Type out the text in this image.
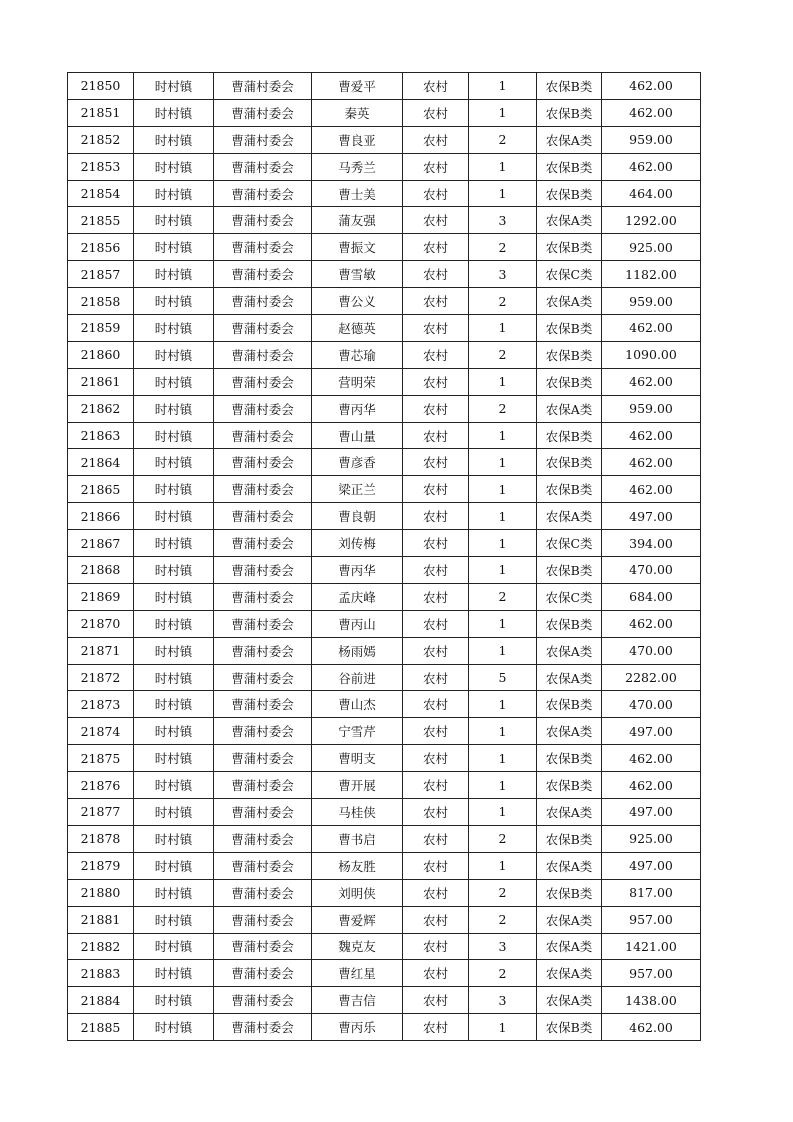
21850	时村镇	曹蒲村委会	曹爱平	农村	1	农保B类	462.00
21851	时村镇	曹蒲村委会	秦英	农村	1	农保B类	462.00
21852	时村镇	曹蒲村委会	曹良亚	农村	2	农保A类	959.00
21853	时村镇	曹蒲村委会	马秀兰	农村	1	农保B类	462.00
21854	时村镇	曹蒲村委会	曹士美	农村	1	农保B类	464.00
21855	时村镇	曹蒲村委会	蒲友强	农村	3	农保A类	1292.00
21856	时村镇	曹蒲村委会	曹振文	农村	2	农保B类	925.00
21857	时村镇	曹蒲村委会	曹雪敏	农村	3	农保C类	1182.00
21858	时村镇	曹蒲村委会	曹公义	农村	2	农保A类	959.00
21859	时村镇	曹蒲村委会	赵德英	农村	1	农保B类	462.00
21860	时村镇	曹蒲村委会	曹芯瑜	农村	2	农保B类	1090.00
21861	时村镇	曹蒲村委会	营明荣	农村	1	农保B类	462.00
21862	时村镇	曹蒲村委会	曹丙华	农村	2	农保A类	959.00
21863	时村镇	曹蒲村委会	曹山量	农村	1	农保B类	462.00
21864	时村镇	曹蒲村委会	曹彦香	农村	1	农保B类	462.00
21865	时村镇	曹蒲村委会	梁正兰	农村	1	农保B类	462.00
21866	时村镇	曹蒲村委会	曹良朝	农村	1	农保A类	497.00
21867	时村镇	曹蒲村委会	刘传梅	农村	1	农保C类	394.00
21868	时村镇	曹蒲村委会	曹丙华	农村	1	农保B类	470.00
21869	时村镇	曹蒲村委会	孟庆峰	农村	2	农保C类	684.00
21870	时村镇	曹蒲村委会	曹丙山	农村	1	农保B类	462.00
21871	时村镇	曹蒲村委会	杨雨嫣	农村	1	农保A类	470.00
21872	时村镇	曹蒲村委会	谷前进	农村	5	农保A类	2282.00
21873	时村镇	曹蒲村委会	曹山杰	农村	1	农保B类	470.00
21874	时村镇	曹蒲村委会	宁雪芹	农村	1	农保A类	497.00
21875	时村镇	曹蒲村委会	曹明支	农村	1	农保B类	462.00
21876	时村镇	曹蒲村委会	曹开展	农村	1	农保B类	462.00
21877	时村镇	曹蒲村委会	马桂侠	农村	1	农保A类	497.00
21878	时村镇	曹蒲村委会	曹书启	农村	2	农保B类	925.00
21879	时村镇	曹蒲村委会	杨友胜	农村	1	农保A类	497.00
21880	时村镇	曹蒲村委会	刘明侠	农村	2	农保B类	817.00
21881	时村镇	曹蒲村委会	曹爱辉	农村	2	农保A类	957.00
21882	时村镇	曹蒲村委会	魏克友	农村	3	农保A类	1421.00
21883	时村镇	曹蒲村委会	曹红星	农村	2	农保A类	957.00
21884	时村镇	曹蒲村委会	曹吉信	农村	3	农保A类	1438.00
21885	时村镇	曹蒲村委会	曹丙乐	农村	1	农保B类	462.00
